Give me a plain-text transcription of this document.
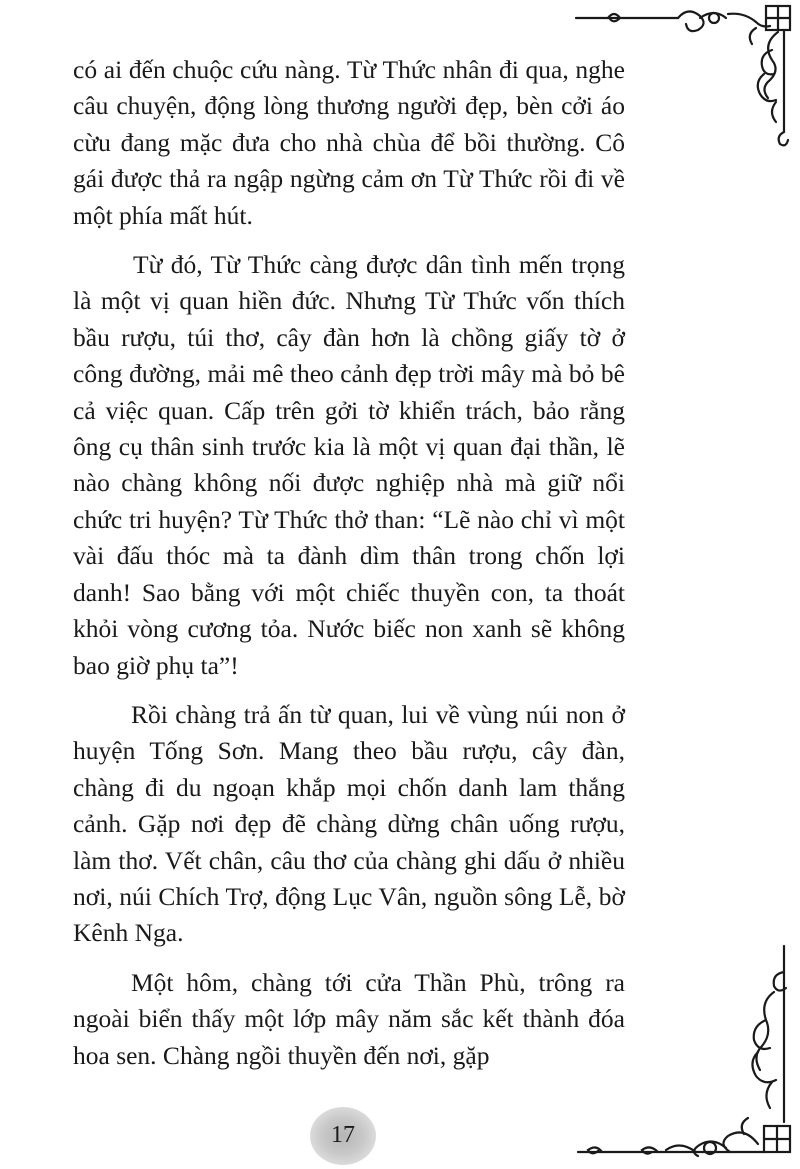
có ai đến chuộc cứu nàng. Từ Thức nhân đi qua, nghe câu chuyện, động lòng thương người đẹp, bèn cởi áo cừu đang mặc đưa cho nhà chùa để bồi thường. Cô gái được thả ra ngập ngừng cảm ơn Từ Thức rồi đi về một phía mất hút.

Từ đó, Từ Thức càng được dân tình mến trọng là một vị quan hiền đức. Nhưng Từ Thức vốn thích bầu rượu, túi thơ, cây đàn hơn là chồng giấy tờ ở công đường, mải mê theo cảnh đẹp trời mây mà bỏ bê cả việc quan. Cấp trên gởi tờ khiển trách, bảo rằng ông cụ thân sinh trước kia là một vị quan đại thần, lẽ nào chàng không nối được nghiệp nhà mà giữ nổi chức tri huyện? Từ Thức thở than: “Lẽ nào chỉ vì một vài đấu thóc mà ta đành dìm thân trong chốn lợi danh! Sao bằng với một chiếc thuyền con, ta thoát khỏi vòng cương tỏa. Nước biếc non xanh sẽ không bao giờ phụ ta”!

Rồi chàng trả ấn từ quan, lui về vùng núi non ở huyện Tống Sơn. Mang theo bầu rượu, cây đàn, chàng đi du ngoạn khắp mọi chốn danh lam thắng cảnh. Gặp nơi đẹp đẽ chàng dừng chân uống rượu, làm thơ. Vết chân, câu thơ của chàng ghi dấu ở nhiều nơi, núi Chích Trợ, động Lục Vân, nguồn sông Lễ, bờ Kênh Nga.

Một hôm, chàng tới cửa Thần Phù, trông ra ngoài biển thấy một lớp mây năm sắc kết thành đóa hoa sen. Chàng ngồi thuyền đến nơi, gặp

17
